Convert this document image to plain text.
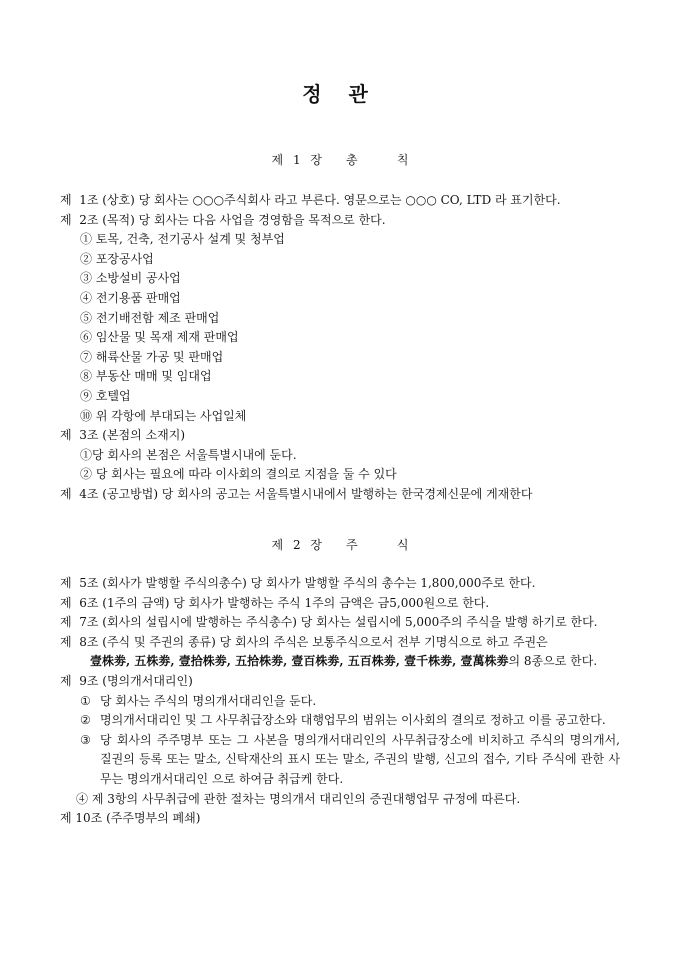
정 관
제 1 장 총    칙
제  1조 (상호) 당 회사는 ○○○주식회사 라고 부른다. 영문으로는 ○○○ CO, LTD 라 표기한다.
제  2조 (목적) 당 회사는 다음 사업을 경영함을 목적으로 한다.
① 토목, 건축, 전기공사 설계 및 청부업
② 포장공사업
③ 소방설비 공사업
④ 전기용품 판매업
⑤ 전기배전함 제조 판매업
⑥ 임산물 및 목재 제재 판매업
⑦ 해륙산물 가공 및 판매업
⑧ 부동산 매매 및 임대업
⑨ 호텔업
⑩ 위 각항에 부대되는 사업일체
제  3조 (본점의 소재지)
①당 회사의 본점은 서울특별시내에 둔다.
② 당 회사는 필요에 따라 이사회의 결의로 지점을 둘 수 있다
제  4조 (공고방법) 당 회사의 공고는 서울특별시내에서 발행하는 한국경제신문에 게재한다
제 2 장 주    식
제  5조 (회사가 발행할 주식의총수) 당 회사가 발행할 주식의 총수는 1,800,000주로 한다.
제  6조 (1주의 금액) 당 회사가 발행하는 주식 1주의 금액은 금5,000원으로 한다.
제  7조 (회사의 설립시에 발행하는 주식총수) 당 회사는 설립시에 5,000주의 주식을 발행 하기로 한다.
제  8조 (주식 및 주권의 종류) 당 회사의 주식은 보통주식으로서 전부 기명식으로 하고 주권은
壹株劵, 五株劵, 壹拾株劵, 五拾株劵, 壹百株劵, 五百株劵, 壹千株劵, 壹萬株劵의 8종으로 한다.
제  9조 (명의개서대리인)
① 당 회사는 주식의 명의개서대리인을 둔다.
② 명의개서대리인 및 그 사무취급장소와 대행업무의 범위는 이사회의 결의로 정하고 이를 공고한다.
③ 당 회사의 주주명부 또는 그 사본을 명의개서대리인의 사무취급장소에 비치하고 주식의 명의개서, 질권의 등록 또는 말소, 신탁재산의 표시 또는 말소, 주권의 발행, 신고의 접수, 기타 주식에 관한 사무는 명의개서대리인 으로 하여금 취급케 한다.
④ 제 3항의 사무취급에 관한 절차는 명의개서 대리인의 증권대행업무 규정에 따른다.
제 10조 (주주명부의 폐쇄)
